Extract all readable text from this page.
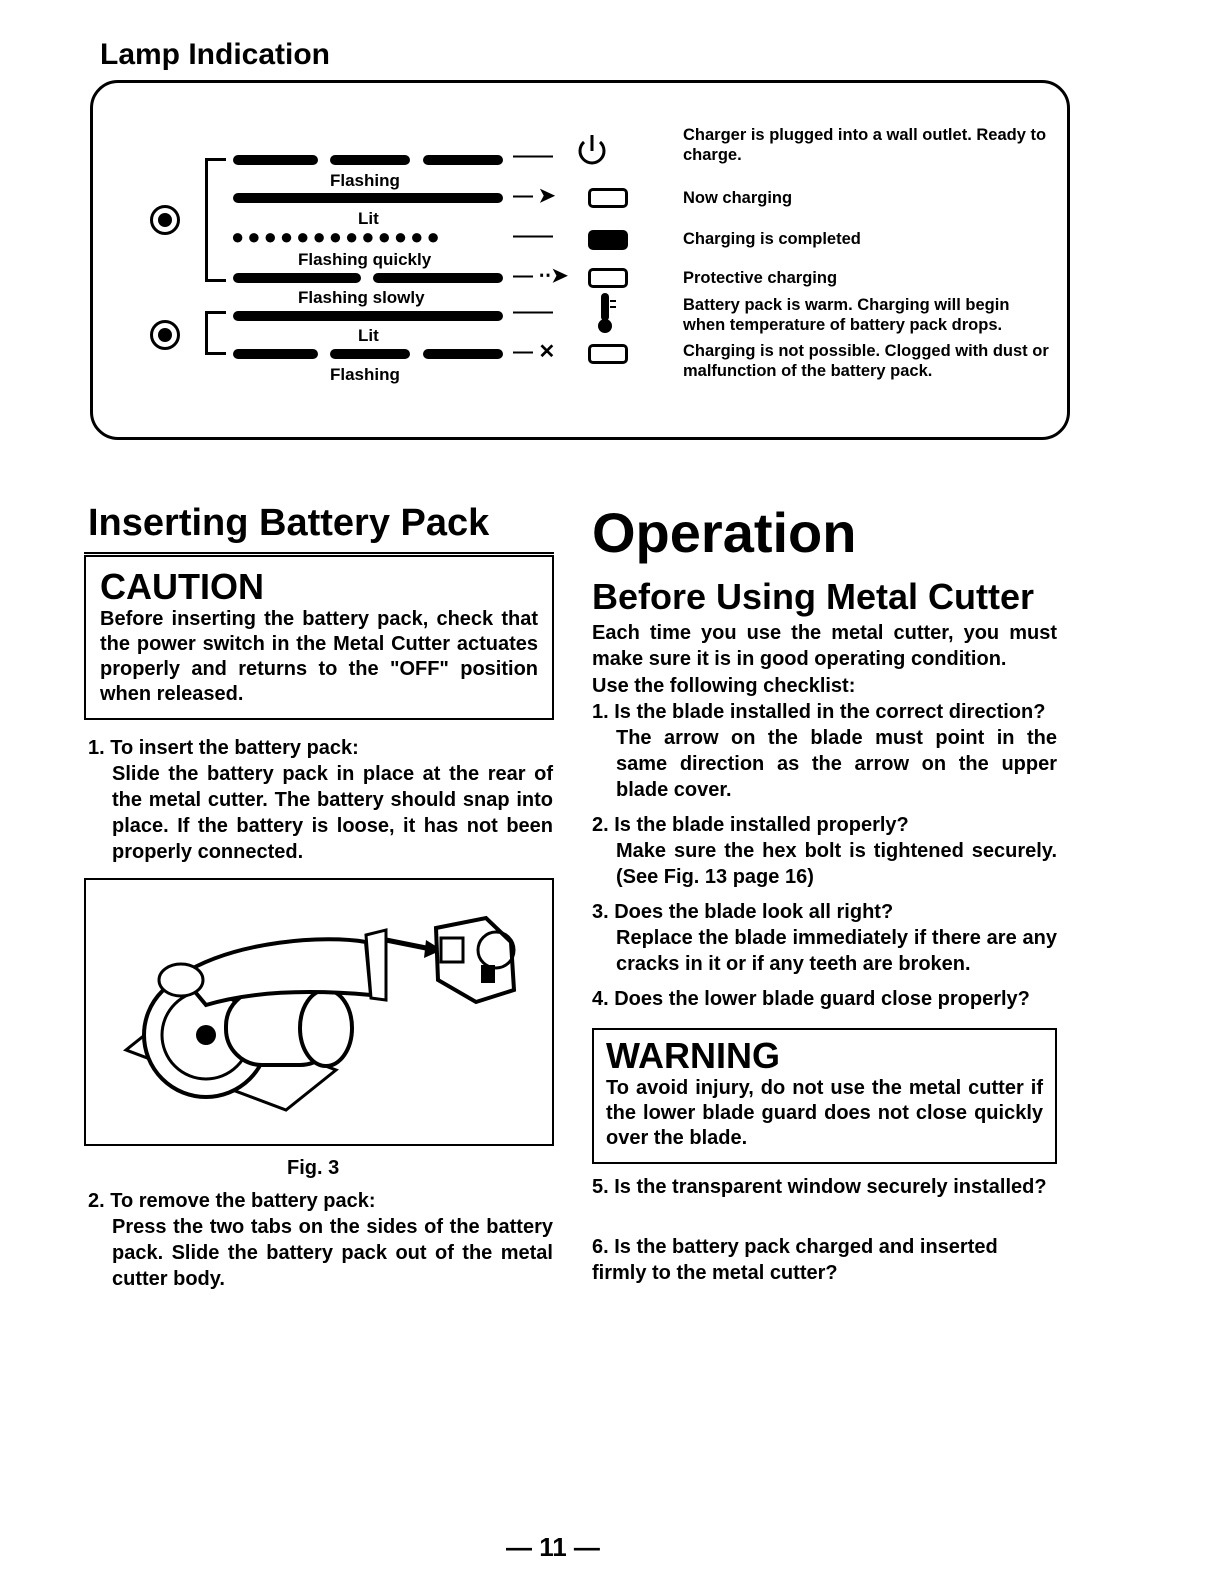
Lamp Indication
——
Flashing
— ➤
Lit
●●●●●●●●●●●●●	——
Flashing quickly
— ⋅⋅➤
Flashing slowly
——
Lit
— ✕
Flashing
Charger is plugged into a wall outlet. Ready to charge.
Now charging
Charging is completed
Protective charging
Battery pack is warm. Charging will begin when temperature of battery pack drops.
Charging is not possible. Clogged with dust or malfunction of the battery pack.
Inserting Battery Pack
CAUTION
Before inserting the battery pack, check that the power switch in the Metal Cutter actuates properly and returns to the "OFF" position when released.
1. To insert the battery pack:
Slide the battery pack in place at the rear of the metal cutter. The battery should snap into place. If the battery is loose, it has not been properly connected.
Fig. 3
2. To remove the battery pack:
Press the two tabs on the sides of the battery pack. Slide the battery pack out of the metal cutter body.
Operation
Before Using Metal Cutter
Each time you use the metal cutter, you must make sure it is in good operating condition.
Use the following checklist:
1. Is the blade installed in the correct direction?
The arrow on the blade must point in the same direction as the arrow on the upper blade cover.
2. Is the blade installed properly?
Make sure the hex bolt is tightened securely. (See Fig. 13 page 16)
3. Does the blade look all right?
Replace the blade immediately if there are any cracks in it or if any teeth are broken.
4. Does the lower blade guard close properly?
WARNING
To avoid injury, do not use the metal cutter if the lower blade guard does not close quickly over the blade.
5. Is the transparent window securely installed?
6. Is the battery pack charged and inserted firmly to the metal cutter?
— 11 —
